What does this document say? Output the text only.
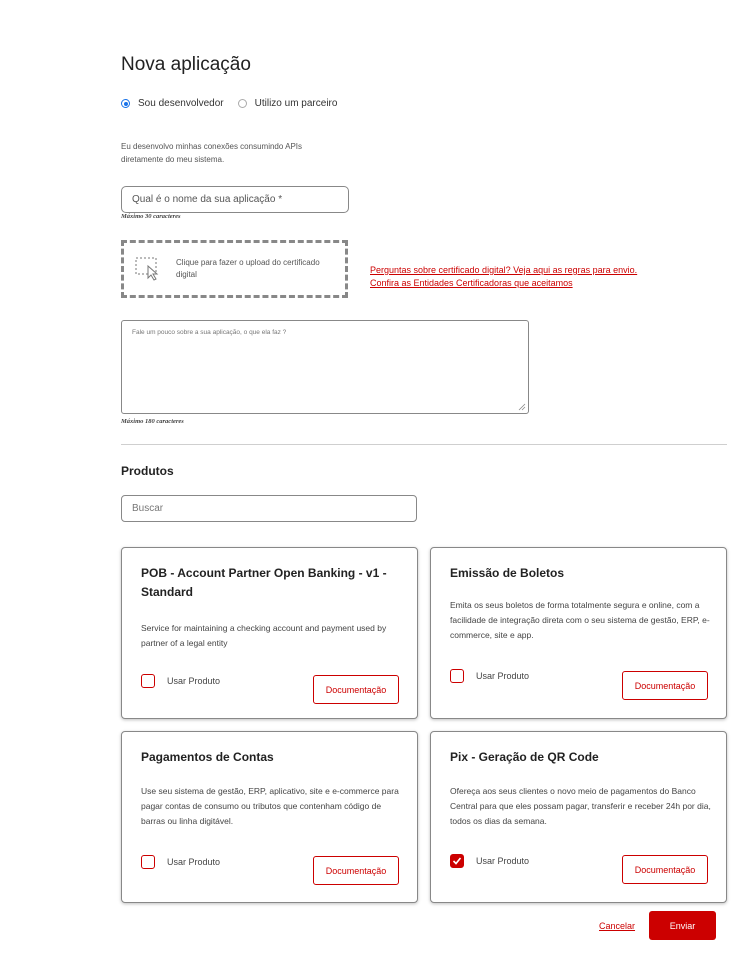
Nova aplicação
Sou desenvolvedor	Utilizo um parceiro
Eu desenvolvo minhas conexões consumindo APIs
diretamente do meu sistema.
Qual é o nome da sua aplicação *
Máximo 30 caracteres
Clique para fazer o upload do certificado digital	Perguntas sobre certificado digital? Veja aqui as regras para envio.
Confira as Entidades Certificadoras que aceitamos
Fale um pouco sobre a sua aplicação, o que ela faz ?
Máximo 180 caracteres
Produtos
Buscar
POB - Account Partner Open Banking - v1 - Standard
Service for maintaining a checking account and payment used by partner of a legal entity
Usar Produto
Documentação
Emissão de Boletos
Emita os seus boletos de forma totalmente segura e online, com a facilidade de integração direta com o seu sistema de gestão, ERP, e-commerce, site e app.
Usar Produto
Documentação
Pagamentos de Contas
Use seu sistema de gestão, ERP, aplicativo, site e e-commerce para pagar contas de consumo ou tributos que contenham código de barras ou linha digitável.
Usar Produto
Documentação
Pix - Geração de QR Code
Ofereça aos seus clientes o novo meio de pagamentos do Banco Central para que eles possam pagar, transferir e receber 24h por dia, todos os dias da semana.
Usar Produto
Documentação
Cancelar	Enviar
